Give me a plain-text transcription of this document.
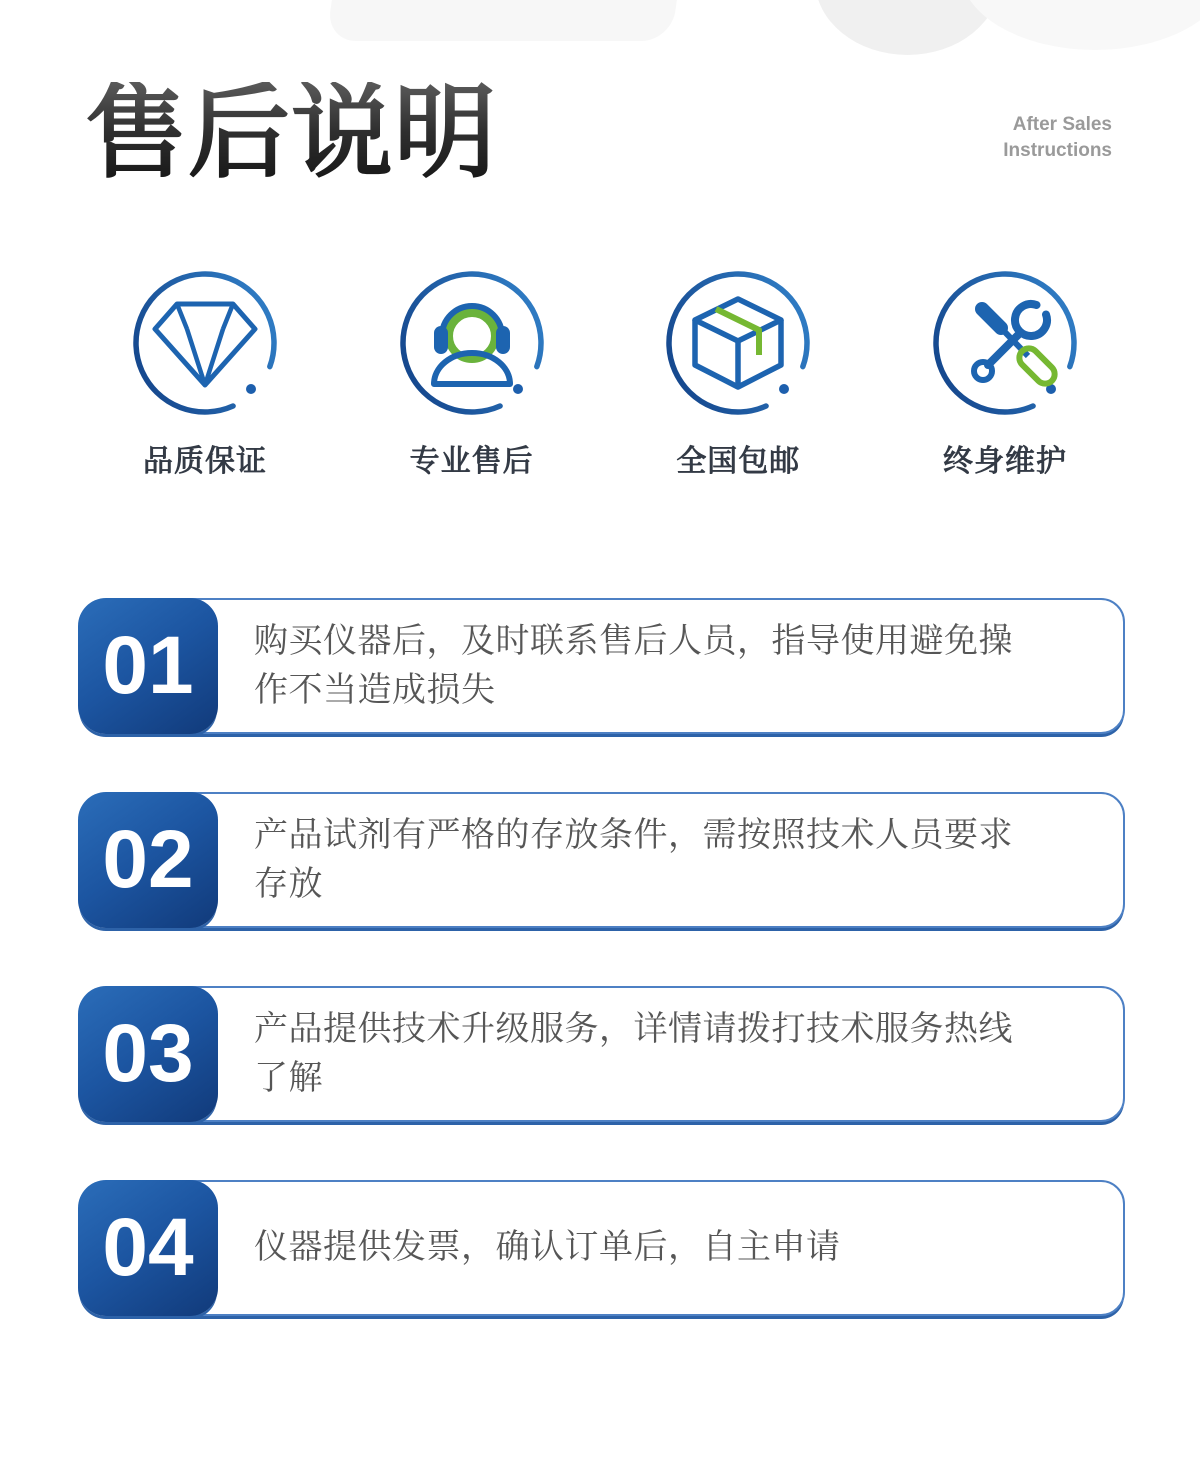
售后说明	After Sales
Instructions
品质保证	专业售后	全国包邮	终身维护
购买仪器后，及时联系售后人员，指导使用避免操作不当造成损失
01
产品试剂有严格的存放条件，需按照技术人员要求存放
02
产品提供技术升级服务，详情请拨打技术服务热线了解
03
仪器提供发票，确认订单后，自主申请
04
